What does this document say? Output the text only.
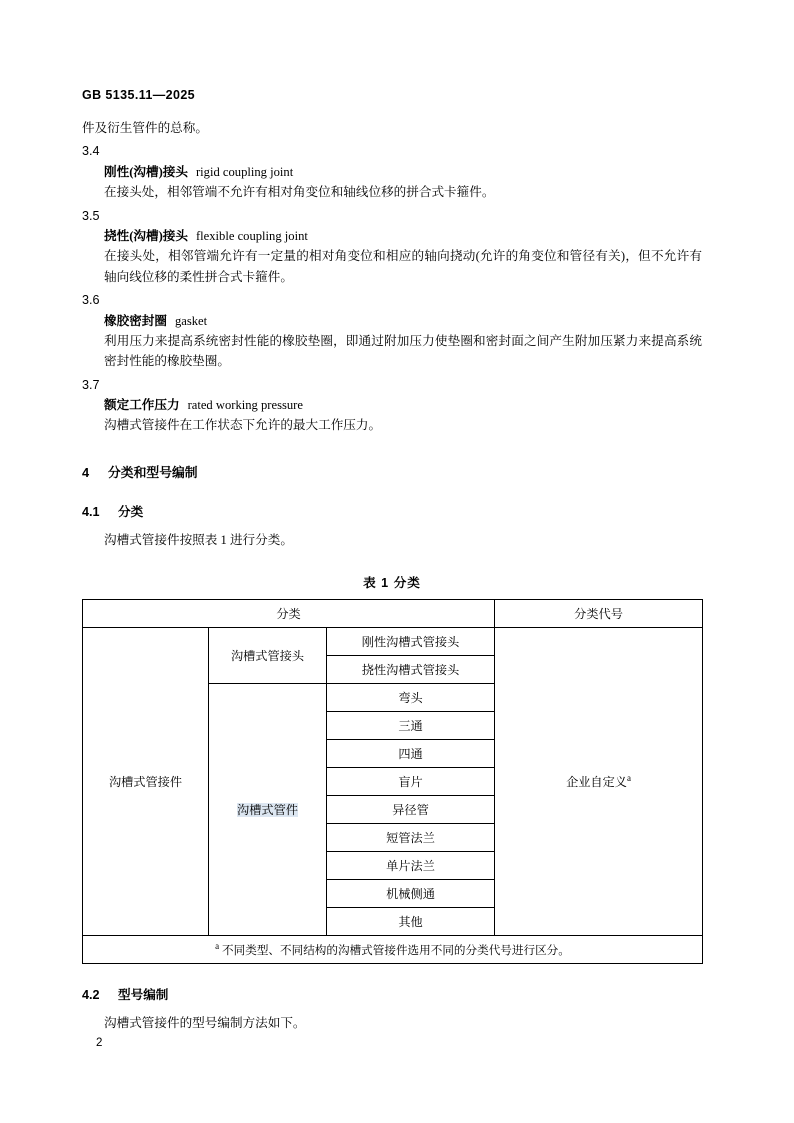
GB 5135.11—2025
件及衍生管件的总称。
3.4
刚性(沟槽)接头 rigid coupling joint
在接头处，相邻管端不允许有相对角变位和轴线位移的拼合式卡箍件。
3.5
挠性(沟槽)接头 flexible coupling joint
在接头处，相邻管端允许有一定量的相对角变位和相应的轴向挠动(允许的角变位和管径有关)，但不允许有轴向线位移的柔性拼合式卡箍件。
3.6
橡胶密封圈 gasket
利用压力来提高系统密封性能的橡胶垫圈，即通过附加压力使垫圈和密封面之间产生附加压紧力来提高系统密封性能的橡胶垫圈。
3.7
额定工作压力 rated working pressure
沟槽式管接件在工作状态下允许的最大工作压力。
4 分类和型号编制
4.1 分类
沟槽式管接件按照表 1 进行分类。
表 1 分类
分类			分类代号
沟槽式管接件	沟槽式管接头	刚性沟槽式管接头	企业自定义$^a$
		挠性沟槽式管接头	
	沟槽式管件	弯头	
		三通	
		四通	
		盲片	
		异径管	
		短管法兰	
		单片法兰	
		机械侧通	
		其他	
$^a$ 不同类型、不同结构的沟槽式管接件选用不同的分类代号进行区分。			
4.2 型号编制
沟槽式管接件的型号编制方法如下。
2
